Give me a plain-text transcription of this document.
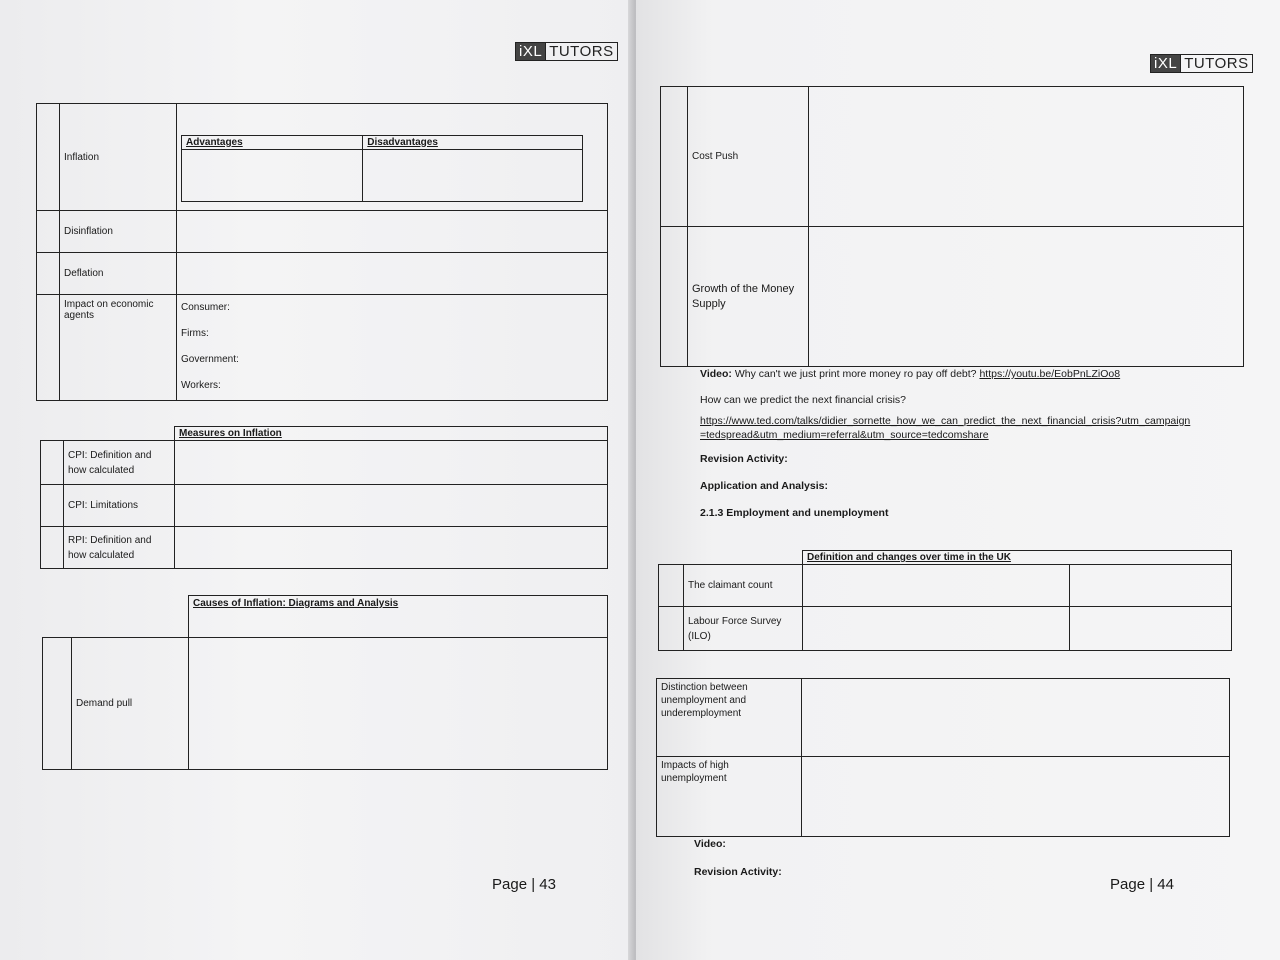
iXL TUTORS
	Inflation	
Advantages	Disadvantages

	Disinflation	
	Deflation	
	Impact on economic agents	
Consumer:
Firms:
Government:
Workers:
		Measures on Inflation
	CPI: Definition and how calculated	
	CPI: Limitations	
	RPI: Definition and how calculated	
		Causes of Inflation: Diagrams and Analysis
	Demand pull	
Page | 43
iXL TUTORS
	Cost Push	
	Growth of the Money Supply	
Video: Why can't we just print more money ro pay off debt? https://youtu.be/EobPnLZiOo8
How can we predict the next financial crisis?
https://www.ted.com/talks/didier_sornette_how_we_can_predict_the_next_financial_crisis?utm_campaign=tedspread&utm_medium=referral&utm_source=tedcomshare
Revision Activity:
Application and Analysis:
2.1.3 Employment and unemployment
		Definition and changes over time in the UK	
	The claimant count		
	Labour Force Survey (ILO)		
Distinction between unemployment and underemployment	
Impacts of high unemployment	
Video:
Revision Activity:
Page | 44
